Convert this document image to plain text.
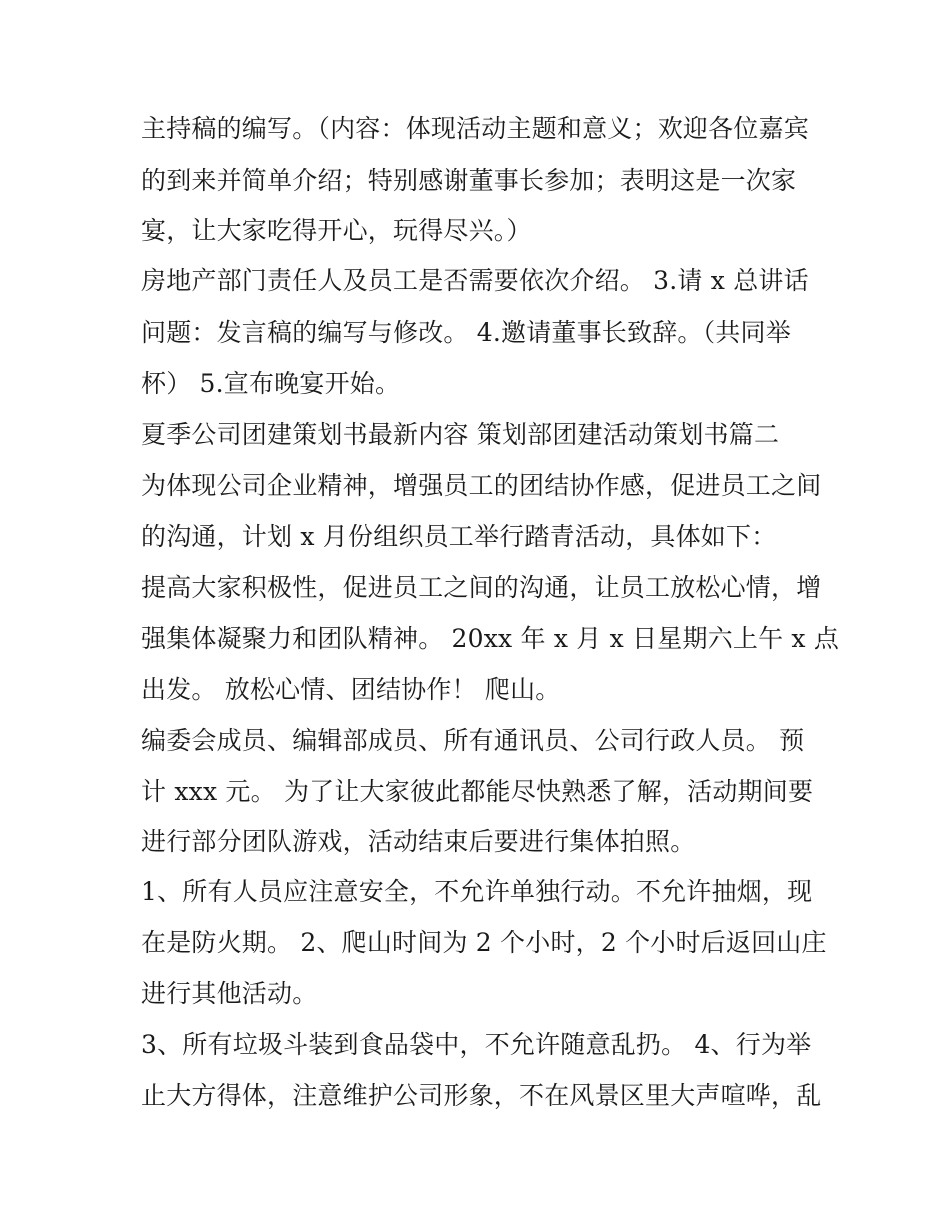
主持稿的编写。（内容：体现活动主题和意义；欢迎各位嘉宾
的到来并简单介绍；特别感谢董事长参加；表明这是一次家
宴，让大家吃得开心，玩得尽兴。）
房地产部门责任人及员工是否需要依次介绍。 3.请 x 总讲话
问题：发言稿的编写与修改。 4.邀请董事长致辞。（共同举
杯） 5.宣布晚宴开始。
夏季公司团建策划书最新内容 策划部团建活动策划书篇二
为体现公司企业精神，增强员工的团结协作感，促进员工之间
的沟通，计划 x 月份组织员工举行踏青活动，具体如下：
提高大家积极性，促进员工之间的沟通，让员工放松心情，增
强集体凝聚力和团队精神。 20xx 年 x 月 x 日星期六上午 x 点
出发。 放松心情、团结协作！ 爬山。
编委会成员、编辑部成员、所有通讯员、公司行政人员。 预
计 xxx 元。 为了让大家彼此都能尽快熟悉了解，活动期间要
进行部分团队游戏，活动结束后要进行集体拍照。
1、所有人员应注意安全，不允许单独行动。不允许抽烟，现
在是防火期。 2、爬山时间为 2 个小时，2 个小时后返回山庄
进行其他活动。
3、所有垃圾斗装到食品袋中，不允许随意乱扔。 4、行为举
止大方得体，注意维护公司形象，不在风景区里大声喧哗，乱
